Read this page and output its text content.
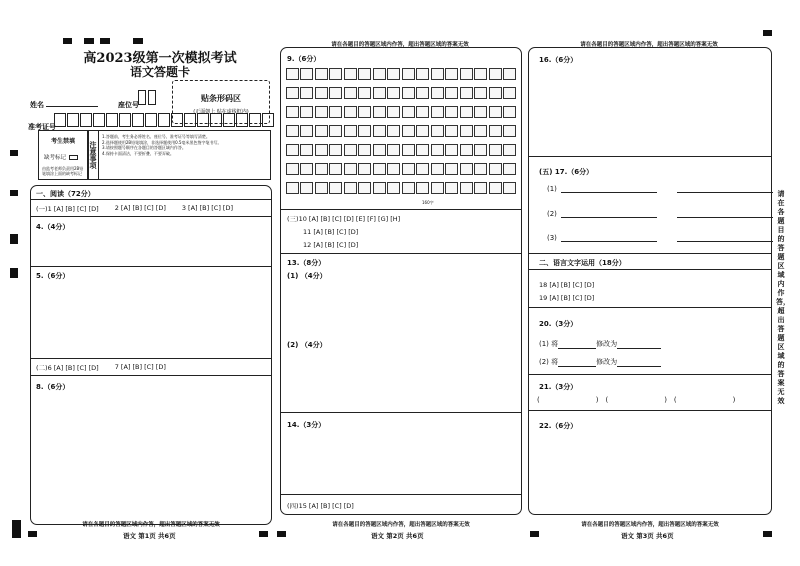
高2023级第一次模拟考试
语文答题卡
姓名	座位号
准考证号
贴条形码区
(正面朝上 贴在虚线框内)
考生禁填
缺考标记
由监考老师负责用2B铅笔填涂上面的缺考标记
注意事项
1.答题前，考生务必将姓名、座位号、准考证号等填写清楚。
2.选择题使用2B铅笔填涂，非选择题使用0.5毫米黑色签字笔书写。
3.请按照题号顺序在各题目的答题区域内作答。
4.保持卡面清洁，不要折叠、不要弄破。
一、阅读（72分）
(一)1 [A] [B] [C] [D] 2 [A] [B] [C] [D] 3 [A] [B] [C] [D]
4.（4分）
5.（6分）
(二)6 [A] [B] [C] [D] 7 [A] [B] [C] [D]
8.（6分）
请在各题目的答题区域内作答，超出答题区域的答案无效
语文 第1页 共6页
请在各题目的答题区域内作答，超出答题区域的答案无效
9.（6分）
160字
(三)10 [A] [B] [C] [D] [E] [F] [G] [H]
11 [A] [B] [C] [D]
12 [A] [B] [C] [D]
13.（8分）
(1) （4分）
(2) （4分）
14.（3分）
(四)15 [A] [B] [C] [D]
请在各题目的答题区域内作答，超出答题区域的答案无效
语文 第2页 共6页
请在各题目的答题区域内作答，超出答题区域的答案无效
16.（6分）
(五) 17.（6分）
(1)
(2)
(3)
二、语言文字运用（18分）
18 [A] [B] [C] [D]
19 [A] [B] [C] [D]
20.（3分）
(1) 将	修改为
(2) 将	修改为
21.（3分）
(　　　　　　　　)　(　　　　　　　　)　(　　　　　　　　)
22.（6分）
请在各题目的答题区域内作答，超出答题区域的答案无效
请在各题目的答题区域内作答，超出答题区域的答案无效
语文 第3页 共6页
